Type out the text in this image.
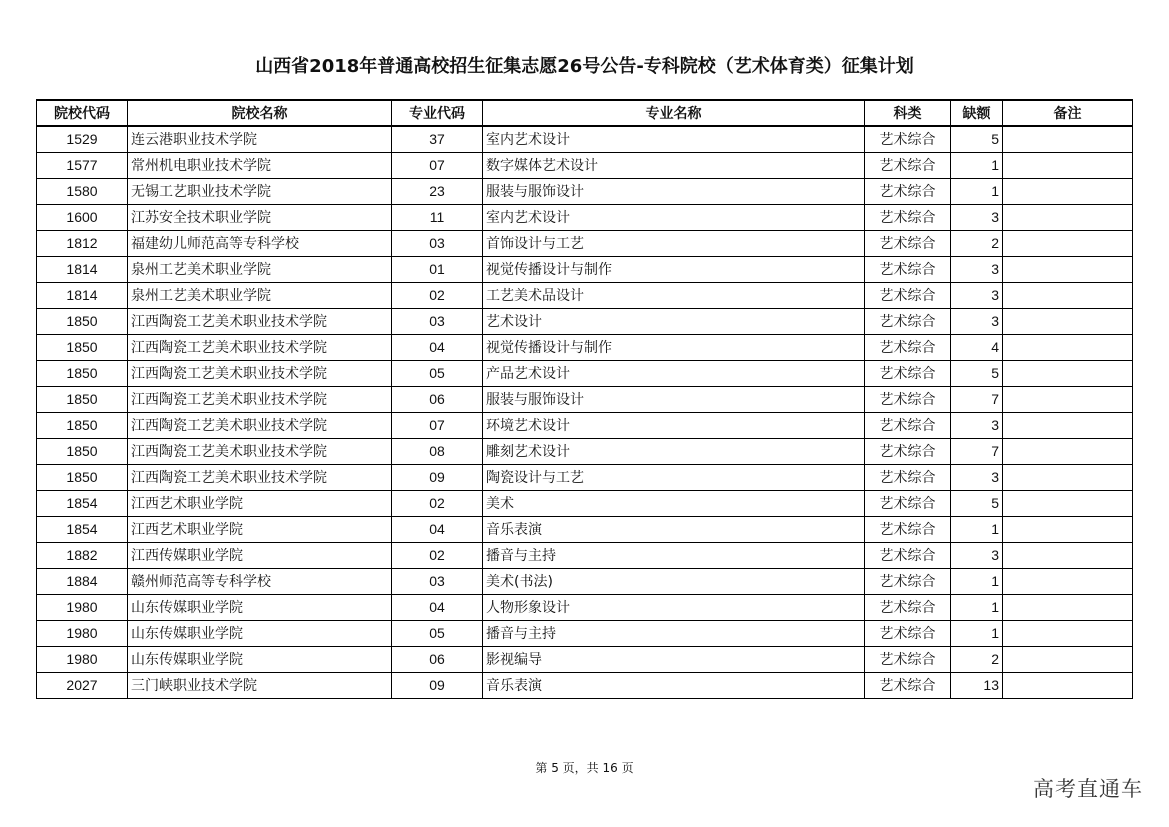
山西省2018年普通高校招生征集志愿26号公告-专科院校（艺术体育类）征集计划
院校代码	院校名称	专业代码	专业名称	科类	缺额	备注
1529	连云港职业技术学院	37	室内艺术设计	艺术综合	5	
1577	常州机电职业技术学院	07	数字媒体艺术设计	艺术综合	1	
1580	无锡工艺职业技术学院	23	服装与服饰设计	艺术综合	1	
1600	江苏安全技术职业学院	11	室内艺术设计	艺术综合	3	
1812	福建幼儿师范高等专科学校	03	首饰设计与工艺	艺术综合	2	
1814	泉州工艺美术职业学院	01	视觉传播设计与制作	艺术综合	3	
1814	泉州工艺美术职业学院	02	工艺美术品设计	艺术综合	3	
1850	江西陶瓷工艺美术职业技术学院	03	艺术设计	艺术综合	3	
1850	江西陶瓷工艺美术职业技术学院	04	视觉传播设计与制作	艺术综合	4	
1850	江西陶瓷工艺美术职业技术学院	05	产品艺术设计	艺术综合	5	
1850	江西陶瓷工艺美术职业技术学院	06	服装与服饰设计	艺术综合	7	
1850	江西陶瓷工艺美术职业技术学院	07	环境艺术设计	艺术综合	3	
1850	江西陶瓷工艺美术职业技术学院	08	雕刻艺术设计	艺术综合	7	
1850	江西陶瓷工艺美术职业技术学院	09	陶瓷设计与工艺	艺术综合	3	
1854	江西艺术职业学院	02	美术	艺术综合	5	
1854	江西艺术职业学院	04	音乐表演	艺术综合	1	
1882	江西传媒职业学院	02	播音与主持	艺术综合	3	
1884	赣州师范高等专科学校	03	美术(书法)	艺术综合	1	
1980	山东传媒职业学院	04	人物形象设计	艺术综合	1	
1980	山东传媒职业学院	05	播音与主持	艺术综合	1	
1980	山东传媒职业学院	06	影视编导	艺术综合	2	
2027	三门峡职业技术学院	09	音乐表演	艺术综合	13	
第 5 页，共 16 页
高考直通车
